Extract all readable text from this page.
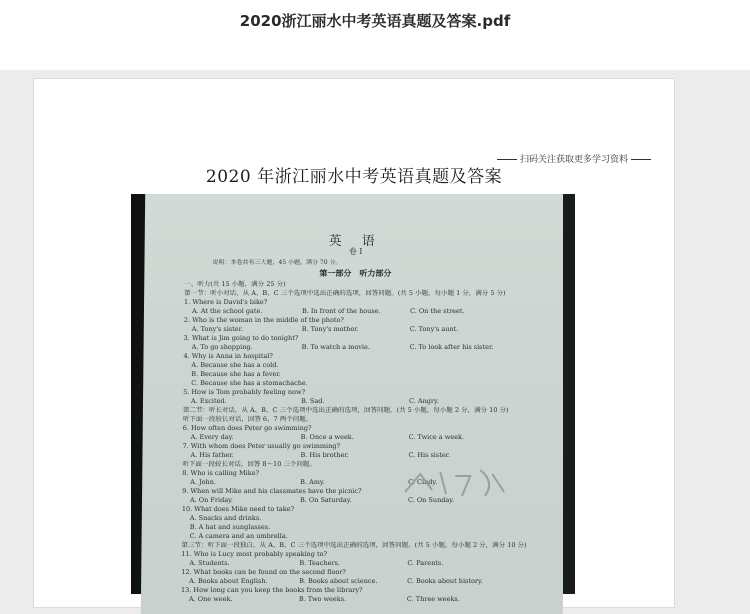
2020浙江丽水中考英语真题及答案.pdf
扫码关注获取更多学习资料
2020 年浙江丽水中考英语真题及答案
英 语
卷 Ⅰ
说明：本卷共有三大题，45 小题，满分 70 分。
第一部分　听力部分
一、听力(共 15 小题，满分 25 分)
第一节：听小对话，从 A、B、C 三个选项中选出正确的选项，回答问题。(共 5 小题，每小题 1 分，满分 5 分)
1. Where is David's bike?
A. At the school gate.	B. In front of the house.	C. On the street.
2. Who is the woman in the middle of the photo?
A. Tony's sister.	B. Tony's mother.	C. Tony's aunt.
3. What is Jim going to do tonight?
A. To go shopping.	B. To watch a movie.	C. To look after his sister.
4. Why is Anna in hospital?
A. Because she has a cold.
B. Because she has a fever.
C. Because she has a stomachache.
5. How is Tom probably feeling now?
A. Excited.	B. Sad.	C. Angry.
第二节：听长对话，从 A、B、C 三个选项中选出正确的选项，回答问题。(共 5 小题，每小题 2 分，满分 10 分)
听下面一段较长对话，回答 6、7 两个问题。
6. How often does Peter go swimming?
A. Every day.	B. Once a week.	C. Twice a week.
7. With whom does Peter usually go swimming?
A. His father.	B. His brother.	C. His sister.
听下面一段较长对话，回答 8～10 三个问题。
8. Who is calling Mike?
A. John.	B. Amy.	C. Cindy.
9. When will Mike and his classmates have the picnic?
A. On Friday.	B. On Saturday.	C. On Sunday.
10. What does Mike need to take?
A. Snacks and drinks.
B. A hat and sunglasses.
C. A camera and an umbrella.
第三节：听下面一段独白，从 A、B、C 三个选项中选出正确的选项，回答问题。(共 5 小题，每小题 2 分，满分 10 分)
11. Who is Lucy most probably speaking to?
A. Students.	B. Teachers.	C. Parents.
12. What books can be found on the second floor?
A. Books about English.	B. Books about science.	C. Books about history.
13. How long can you keep the books from the library?
A. One week.	B. Two weeks.	C. Three weeks.
